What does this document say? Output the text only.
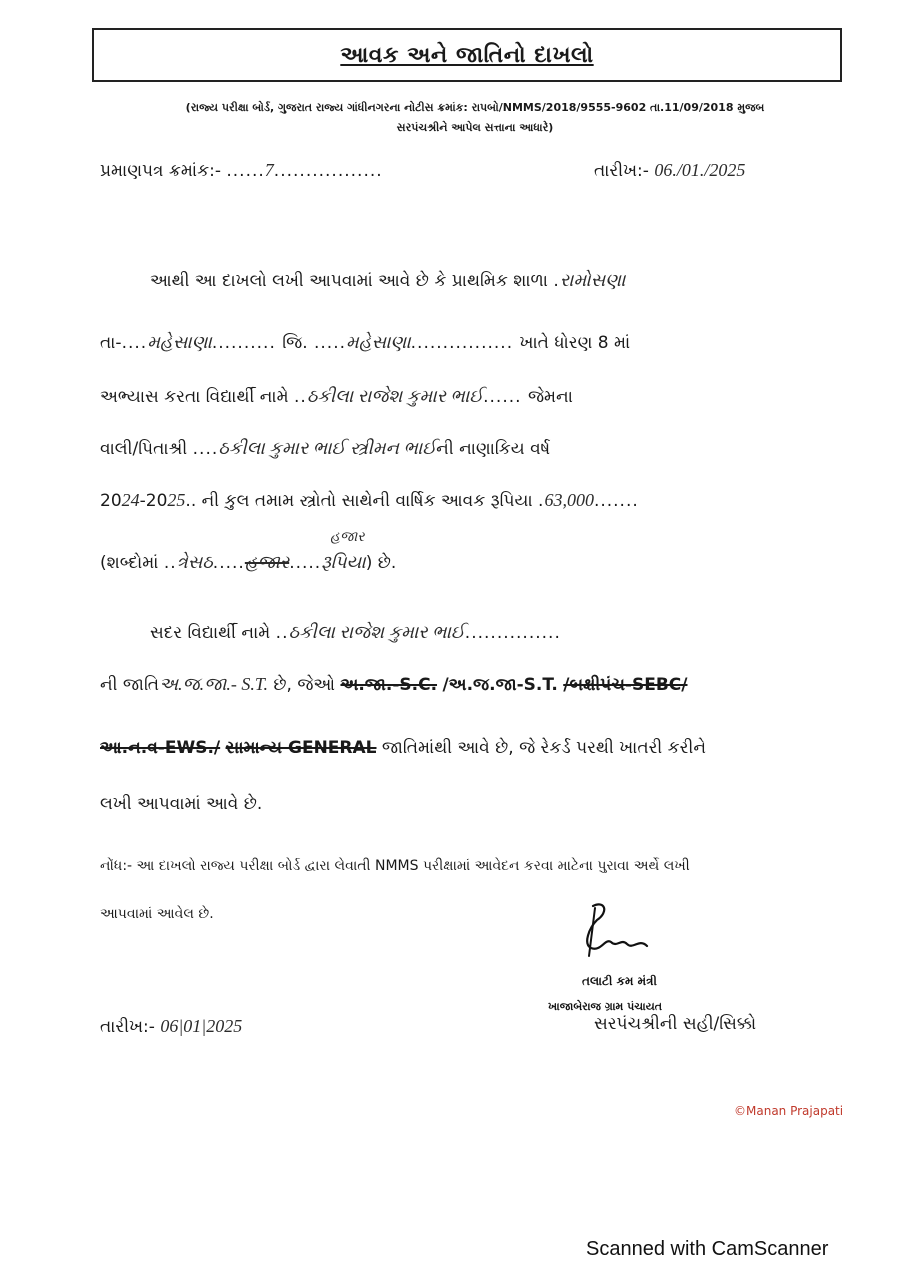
આવક અને જાતિનો દાખલો
(રાજ્ય પરીક્ષા બોર્ડ, ગુજરાત રાજ્ય ગાંધીનગરના નોટીસ ક્રમાંક: રાપબો/NMMS/2018/9555-9602 તા.11/09/2018 મુજબ
સરપંચશ્રીને આપેલ સત્તાના આધારે)
પ્રમાણપત્ર ક્રમાંક:- ......7.................	તારીખ:- 06./01./2025
આથી આ દાખલો લખી આપવામાં આવે છે કે પ્રાથમિક શાળા .રામોસણા
તા-....મહેસાણા.......... જિ. .....મહેસાણા................ ખાતે ધોરણ 8 માં
અભ્યાસ કરતા વિદ્યાર્થી નામે ..ઠકીલા રાજેશ કુમાર ભાઈ...... જેમના
વાલી/પિતાશ્રી ....ઠકીલા કુમાર ભાઈ સ્ત્રીમન ભાઈની નાણાકિય વર્ષ
2024-2025.. ની કુલ તમામ સ્ત્રોતો સાથેની વાર્ષિક આવક રૂપિયા .63,000.......
(શબ્દોમાં ..ત્રેસઠ.....હજાર.....રૂપિયા) છે.
હજાર
સદર વિદ્યાર્થી નામે ..ઠકીલા રાજેશ કુમાર ભાઈ...............
ની જાતિઅ.જ.જા.- S.T. છે, જેઓ અ.જા.-S.C. /અ.જ.જા-S.T. /બક્ષીપંચ-SEBC/
આ.ન.વ-EWS./ સામાન્ય GENERAL જાતિમાંથી આવે છે, જે રેકર્ડ પરથી ખાતરી કરીને
લખી આપવામાં આવે છે.
નોંધ:- આ દાખલો રાજ્ય પરીક્ષા બોર્ડ દ્વારા લેવાતી NMMS પરીક્ષામાં આવેદન કરવા માટેના પુરાવા અર્થે લખી
આપવામાં આવેલ છે.
તલાટી કમ મંત્રી
ખાજાબેરાજ ગ્રામ પંચાયત
સરપંચશ્રીની સહી/સિક્કો
તારીખ:- 06|01|2025
©Manan Prajapati
Scanned with CamScanner
